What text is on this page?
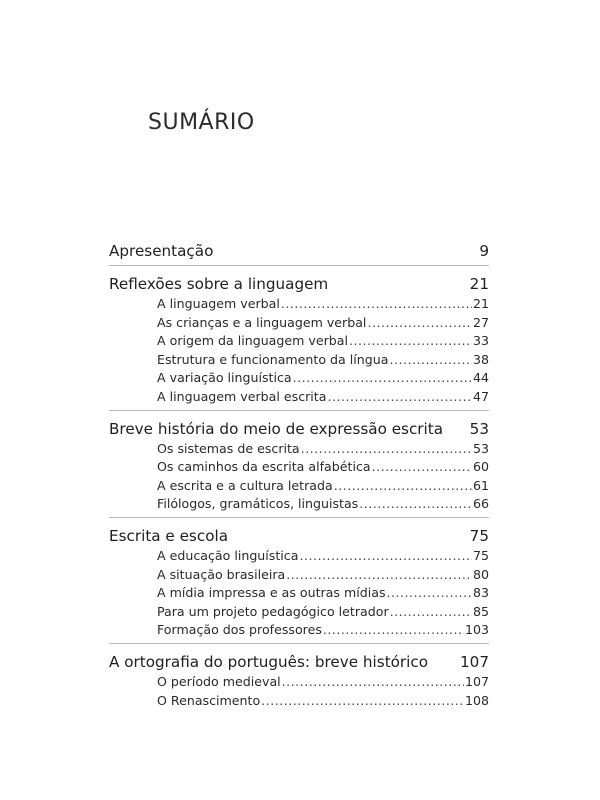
SUMÁRIO
Apresentação	9
Reflexões sobre a linguagem	21
A linguagem verbal .....	21
As crianças e a linguagem verbal .....	27
A origem da linguagem verbal .....	33
Estrutura e funcionamento da língua .....	38
A variação linguística .....	44
A linguagem verbal escrita .....	47
Breve história do meio de expressão escrita 53
Os sistemas de escrita .....	53
Os caminhos da escrita alfabética .....	60
A escrita e a cultura letrada .....	61
Filólogos, gramáticos, linguistas .....	66
Escrita e escola	75
A educação linguística .....	75
A situação brasileira .....	80
A mídia impressa e as outras mídias .....	83
Para um projeto pedagógico letrador .....	85
Formação dos professores .....	103
A ortografia do português: breve histórico 107
O período medieval .....	107
O Renascimento .....	108
